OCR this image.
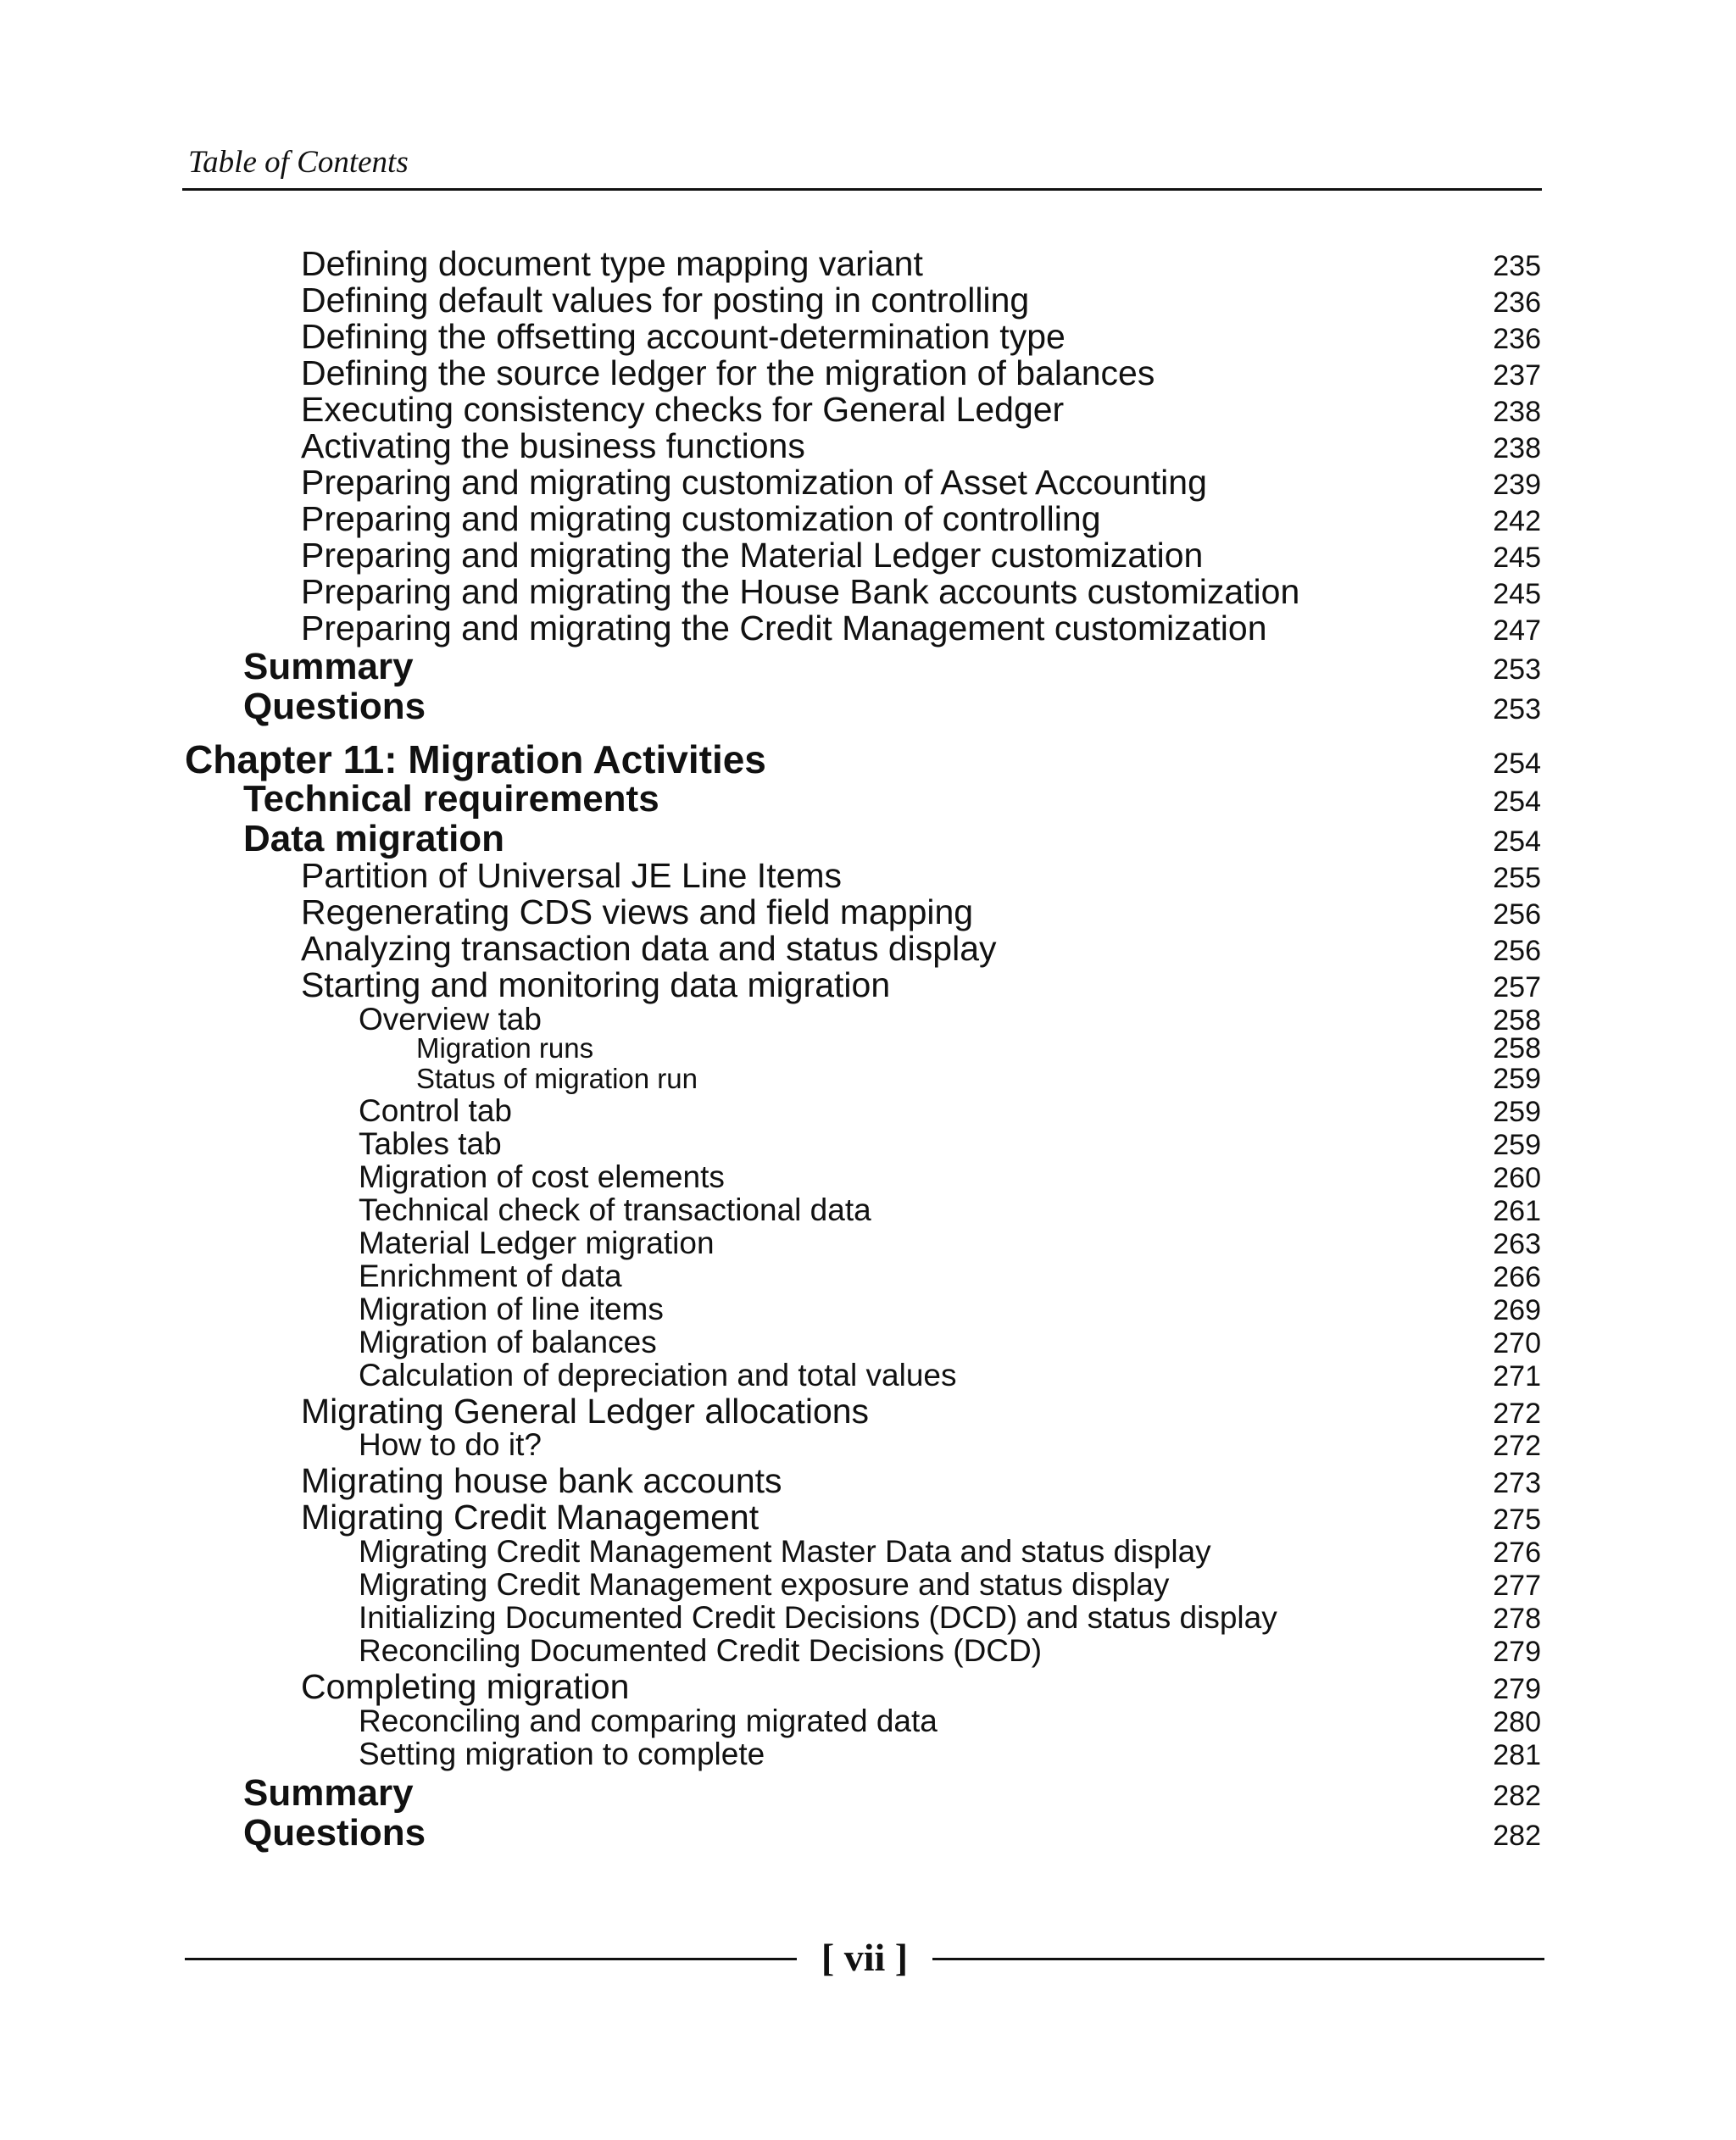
Table of Contents
Defining document type mapping variant	235
Defining default values for posting in controlling	236
Defining the offsetting account-determination type	236
Defining the source ledger for the migration of balances	237
Executing consistency checks for General Ledger	238
Activating the business functions	238
Preparing and migrating customization of Asset Accounting	239
Preparing and migrating customization of controlling	242
Preparing and migrating the Material Ledger customization	245
Preparing and migrating the House Bank accounts customization	245
Preparing and migrating the Credit Management customization	247
Summary	253
Questions	253
Chapter 11: Migration Activities	254
Technical requirements	254
Data migration	254
Partition of Universal JE Line Items	255
Regenerating CDS views and field mapping	256
Analyzing transaction data and status display	256
Starting and monitoring data migration	257
Overview tab	258
Migration runs	258
Status of migration run	259
Control tab	259
Tables tab	259
Migration of cost elements	260
Technical check of transactional data	261
Material Ledger migration	263
Enrichment of data	266
Migration of line items	269
Migration of balances	270
Calculation of depreciation and total values	271
Migrating General Ledger allocations	272
How to do it?	272
Migrating house bank accounts	273
Migrating Credit Management	275
Migrating Credit Management Master Data and status display	276
Migrating Credit Management exposure and status display	277
Initializing Documented Credit Decisions (DCD) and status display	278
Reconciling Documented Credit Decisions (DCD)	279
Completing migration	279
Reconciling and comparing migrated data	280
Setting migration to complete	281
Summary	282
Questions	282
[ vii ]
